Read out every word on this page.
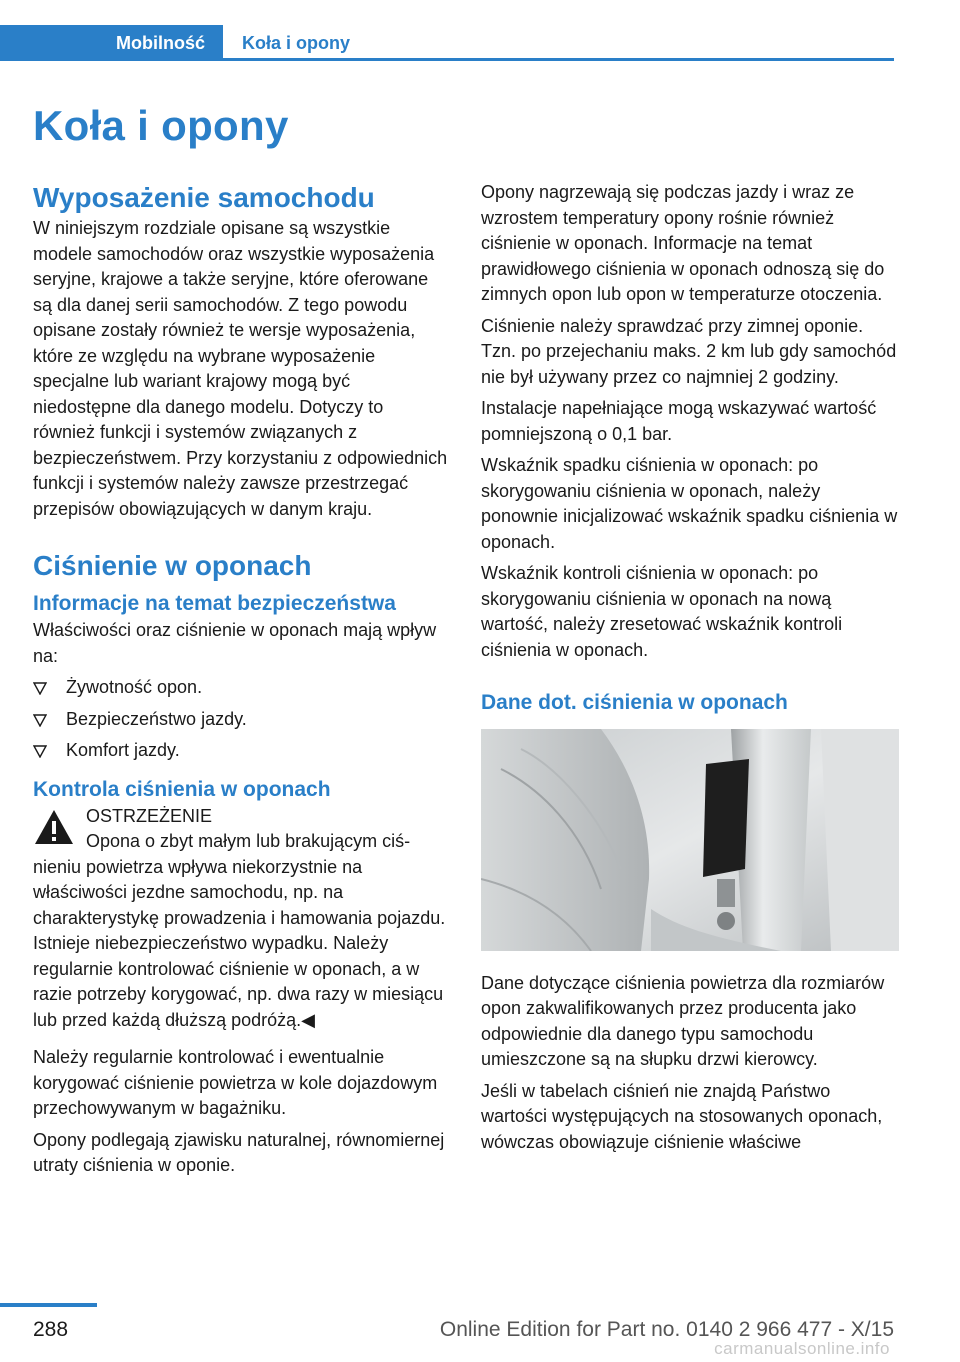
Mobilność	Koła i opony
Koła i opony
Wyposażenie samochodu

W niniejszym rozdziale opisane są wszystkie modele samochodów oraz wszystkie wyposażenia seryjne, krajowe a także seryjne, które oferowane są dla danej serii samochodów. Z tego powodu opisane zostały również te wersje wyposażenia, które ze względu na wybrane wyposażenie specjalne lub wariant krajowy mogą być niedostępne dla danego modelu. Dotyczy to również funkcji i systemów związanych z bezpieczeństwem. Przy korzystaniu z odpowiednich funkcji i systemów należy zawsze przestrzegać przepisów obowiązujących w danym kraju.

Ciśnienie w oponach
Informacje na temat bezpieczeństwa

Właściwości oraz ciśnienie w oponach mają wpływ na:

Żywotność opon.
Bezpieczeństwo jazdy.
Komfort jazdy.
Kontrola ciśnienia w oponach

OSTRZEŻENIE

Opona o zbyt małym lub brakującym ciś-

nieniu powietrza wpływa niekorzystnie na właściwości jezdne samochodu, np. na charakterystykę prowadzenia i hamowania pojazdu. Istnieje niebezpieczeństwo wypadku. Należy regularnie kontrolować ciśnienie w oponach, a w razie potrzeby korygować, np. dwa razy w miesiącu lub przed każdą dłuższą podróżą.◀

Należy regularnie kontrolować i ewentualnie korygować ciśnienie powietrza w kole dojazdowym przechowywanym w bagażniku.

Opony podlegają zjawisku naturalnej, równomiernej utraty ciśnienia w oponie.

Opony nagrzewają się podczas jazdy i wraz ze wzrostem temperatury opony rośnie również ciśnienie w oponach. Informacje na temat prawidłowego ciśnienia w oponach odnoszą się do zimnych opon lub opon w temperaturze otoczenia.

Ciśnienie należy sprawdzać przy zimnej oponie. Tzn. po przejechaniu maks. 2 km lub gdy samochód nie był używany przez co najmniej 2 godziny.

Instalacje napełniające mogą wskazywać wartość pomniejszoną o 0,1 bar.

Wskaźnik spadku ciśnienia w oponach: po skorygowaniu ciśnienia w oponach, należy ponownie inicjalizować wskaźnik spadku ciśnienia w oponach.

Wskaźnik kontroli ciśnienia w oponach: po skorygowaniu ciśnienia w oponach na nową wartość, należy zresetować wskaźnik kontroli ciśnienia w oponach.

Dane dot. ciśnienia w oponach

Dane dotyczące ciśnienia powietrza dla rozmiarów opon zakwalifikowanych przez producenta jako odpowiednie dla danego typu samochodu umieszczone są na słupku drzwi kierowcy.

Jeśli w tabelach ciśnień nie znajdą Państwo wartości występujących na stosowanych oponach, wówczas obowiązuje ciśnienie właściwe

288	Online Edition for Part no. 0140 2 966 477 - X/15
carmanualsonline.info
